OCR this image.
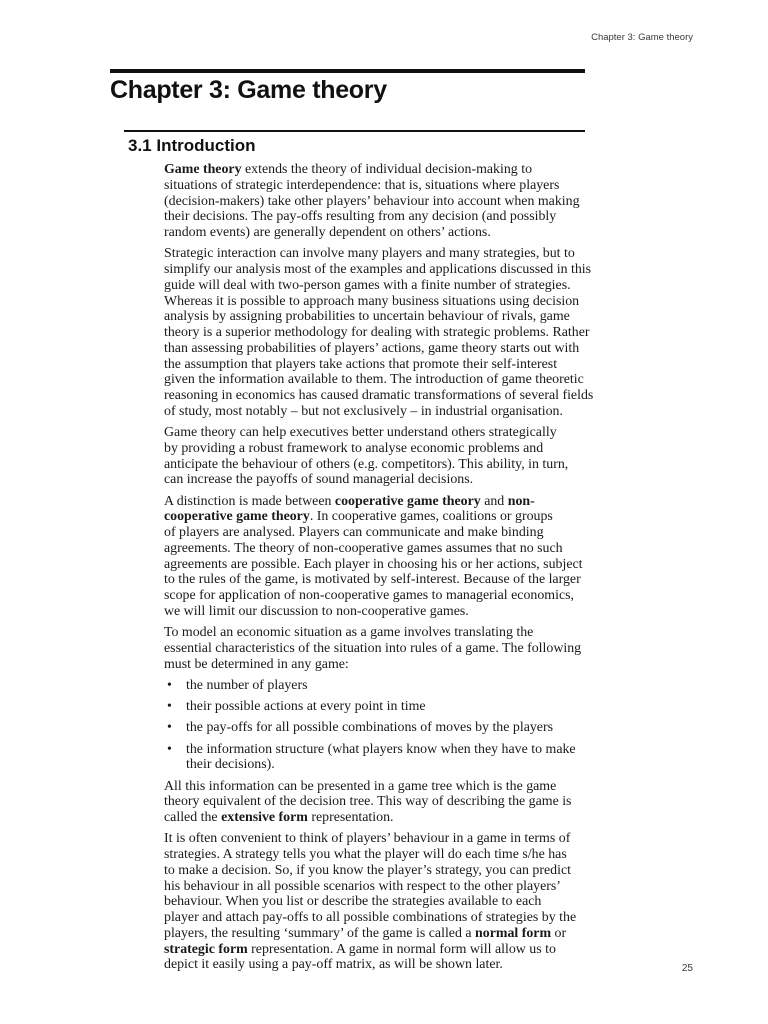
Chapter 3: Game theory
Chapter 3: Game theory
3.1 Introduction
Game theory extends the theory of individual decision-making to
situations of strategic interdependence: that is, situations where players
(decision-makers) take other players’ behaviour into account when making
their decisions. The pay-offs resulting from any decision (and possibly
random events) are generally dependent on others’ actions.
Strategic interaction can involve many players and many strategies, but to
simplify our analysis most of the examples and applications discussed in this
guide will deal with two-person games with a finite number of strategies.
Whereas it is possible to approach many business situations using decision
analysis by assigning probabilities to uncertain behaviour of rivals, game
theory is a superior methodology for dealing with strategic problems. Rather
than assessing probabilities of players’ actions, game theory starts out with
the assumption that players take actions that promote their self-interest
given the information available to them. The introduction of game theoretic
reasoning in economics has caused dramatic transformations of several fields
of study, most notably – but not exclusively – in industrial organisation.
Game theory can help executives better understand others strategically
by providing a robust framework to analyse economic problems and
anticipate the behaviour of others (e.g. competitors). This ability, in turn,
can increase the payoffs of sound managerial decisions.
A distinction is made between cooperative game theory and non-
cooperative game theory. In cooperative games, coalitions or groups
of players are analysed. Players can communicate and make binding
agreements. The theory of non-cooperative games assumes that no such
agreements are possible. Each player in choosing his or her actions, subject
to the rules of the game, is motivated by self-interest. Because of the larger
scope for application of non-cooperative games to managerial economics,
we will limit our discussion to non-cooperative games.
To model an economic situation as a game involves translating the
essential characteristics of the situation into rules of a game. The following
must be determined in any game:
• the number of players
• their possible actions at every point in time
• the pay-offs for all possible combinations of moves by the players
• the information structure (what players know when they have to make
their decisions).
All this information can be presented in a game tree which is the game
theory equivalent of the decision tree. This way of describing the game is
called the extensive form representation.
It is often convenient to think of players’ behaviour in a game in terms of
strategies. A strategy tells you what the player will do each time s/he has
to make a decision. So, if you know the player’s strategy, you can predict
his behaviour in all possible scenarios with respect to the other players’
behaviour. When you list or describe the strategies available to each
player and attach pay-offs to all possible combinations of strategies by the
players, the resulting ‘summary’ of the game is called a normal form or
strategic form representation. A game in normal form will allow us to
depict it easily using a pay-off matrix, as will be shown later.	25
